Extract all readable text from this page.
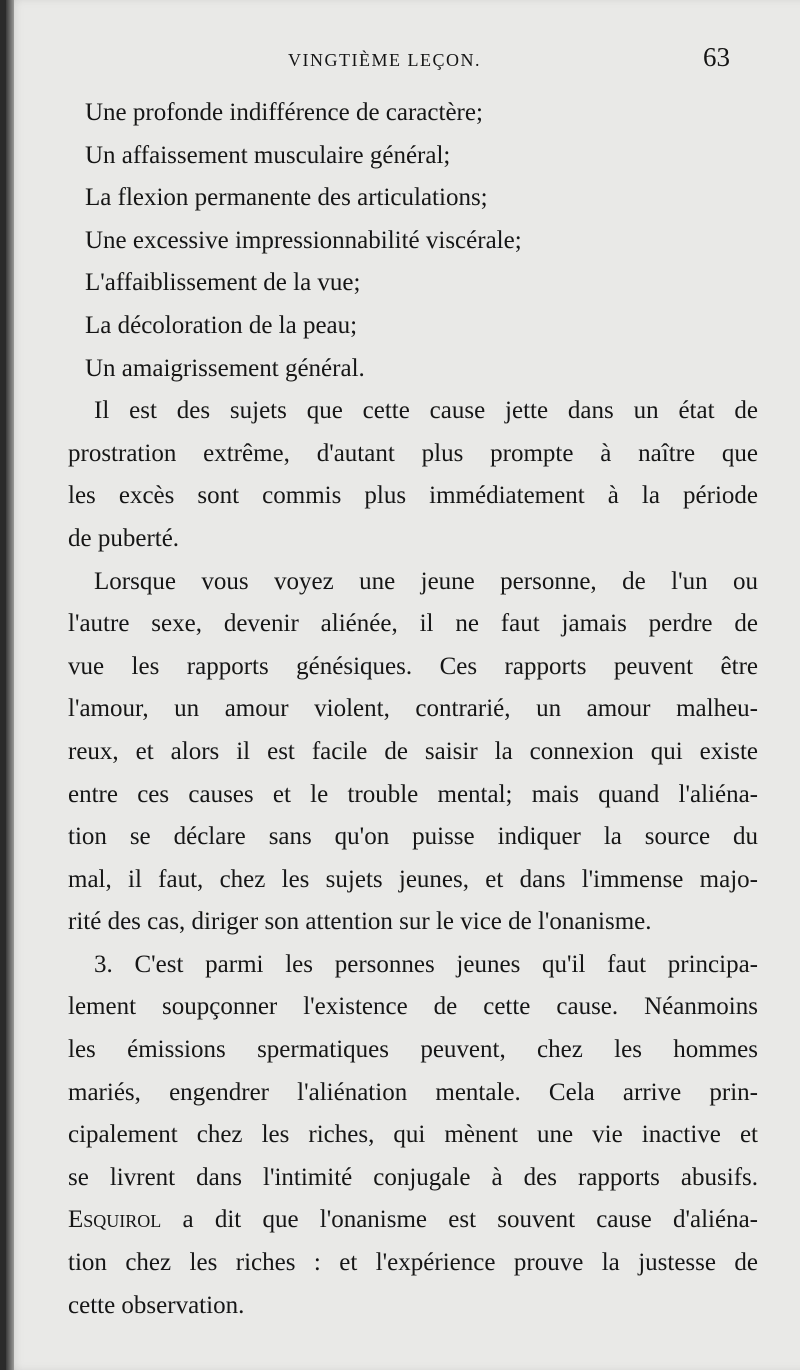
VINGTIÈME LEÇON.	63
Une profonde indifférence de caractère;
Un affaissement musculaire général;
La flexion permanente des articulations;
Une excessive impressionnabilité viscérale;
L'affaiblissement de la vue;
La décoloration de la peau;
Un amaigrissement général.
Il est des sujets que cette cause jette dans un état de
prostration extrême, d'autant plus prompte à naître que
les excès sont commis plus immédiatement à la période
de puberté.
Lorsque vous voyez une jeune personne, de l'un ou
l'autre sexe, devenir aliénée, il ne faut jamais perdre de
vue les rapports génésiques. Ces rapports peuvent être
l'amour, un amour violent, contrarié, un amour malheu-
reux, et alors il est facile de saisir la connexion qui existe
entre ces causes et le trouble mental; mais quand l'aliéna-
tion se déclare sans qu'on puisse indiquer la source du
mal, il faut, chez les sujets jeunes, et dans l'immense majo-
rité des cas, diriger son attention sur le vice de l'onanisme.
3. C'est parmi les personnes jeunes qu'il faut principa-
lement soupçonner l'existence de cette cause. Néanmoins
les émissions spermatiques peuvent, chez les hommes
mariés, engendrer l'aliénation mentale. Cela arrive prin-
cipalement chez les riches, qui mènent une vie inactive et
se livrent dans l'intimité conjugale à des rapports abusifs.
Esquirol a dit que l'onanisme est souvent cause d'aliéna-
tion chez les riches : et l'expérience prouve la justesse de
cette observation.
